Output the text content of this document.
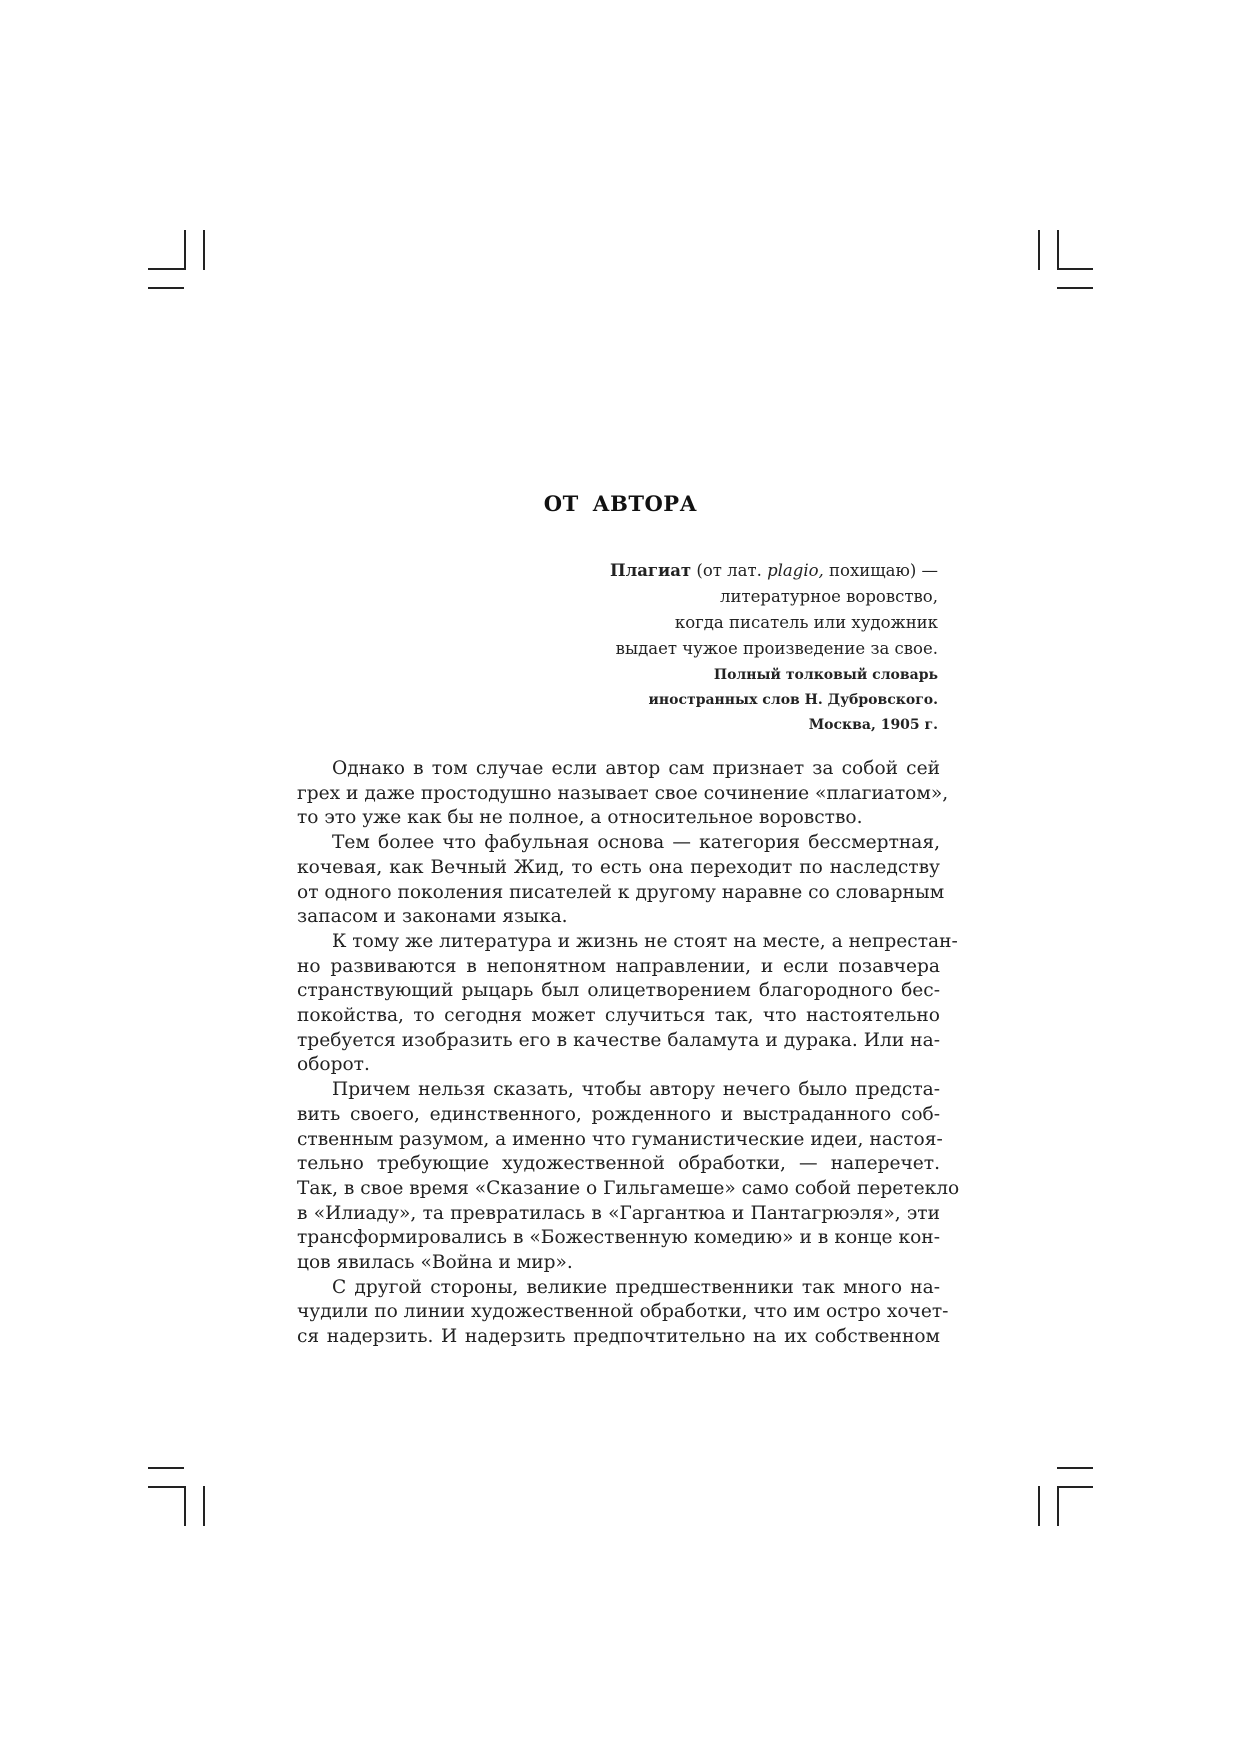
ОТ АВТОРА
Плагиат (от лат. plagio, похищаю) —
литературное воровство,
когда писатель или художник
выдает чужое произведение за свое.
Полный толковый словарь
иностранных слов Н. Дубровского.
Москва, 1905 г.
Однако в том случае если автор сам признает за собой сей
грех и даже простодушно называет свое сочинение «плагиатом»,
то это уже как бы не полное, а относительное воровство.
Тем более что фабульная основа — категория бессмертная,
кочевая, как Вечный Жид, то есть она переходит по наследству
от одного поколения писателей к другому наравне со словарным
запасом и законами языка.
К тому же литература и жизнь не стоят на месте, а непрестан-
но развиваются в непонятном направлении, и если позавчера
странствующий рыцарь был олицетворением благородного бес-
покойства, то сегодня может случиться так, что настоятельно
требуется изобразить его в качестве баламута и дурака. Или на-
оборот.
Причем нельзя сказать, чтобы автору нечего было предста-
вить своего, единственного, рожденного и выстраданного соб-
ственным разумом, а именно что гуманистические идеи, настоя-
тельно требующие художественной обработки, — наперечет.
Так, в свое время «Сказание о Гильгамеше» само собой перетекло
в «Илиаду», та превратилась в «Гаргантюа и Пантагрюэля», эти
трансформировались в «Божественную комедию» и в конце кон-
цов явилась «Война и мир».
С другой стороны, великие предшественники так много на-
чудили по линии художественной обработки, что им остро хочет-
ся надерзить. И надерзить предпочтительно на их собственном
